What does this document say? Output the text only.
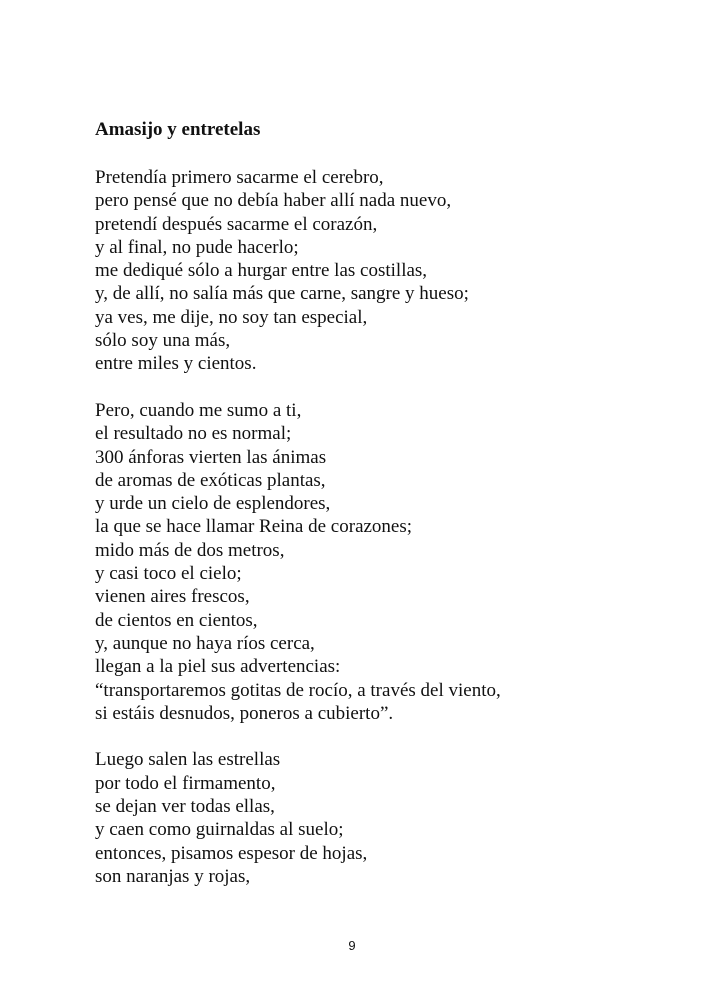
Amasijo y entretelas

Pretendía primero sacarme el cerebro,
pero pensé que no debía haber allí nada nuevo,
pretendí después sacarme el corazón,
y al final, no pude hacerlo;
me dediqué sólo a hurgar entre las costillas,
y, de allí, no salía más que carne, sangre y hueso;
ya ves, me dije, no soy tan especial,
sólo soy una más,
entre miles y cientos.

Pero, cuando me sumo a ti,
el resultado no es normal;
300 ánforas vierten las ánimas
de aromas de exóticas plantas,
y urde un cielo de esplendores,
la que se hace llamar Reina de corazones;
mido más de dos metros,
y casi toco el cielo;
vienen aires frescos,
de cientos en cientos,
y, aunque no haya ríos cerca,
llegan a la piel sus advertencias:
“transportaremos gotitas de rocío, a través del viento,
si estáis desnudos, poneros a cubierto”.

Luego salen las estrellas
por todo el firmamento,
se dejan ver todas ellas,
y caen como guirnaldas al suelo;
entonces, pisamos espesor de hojas,
son naranjas y rojas,

9
